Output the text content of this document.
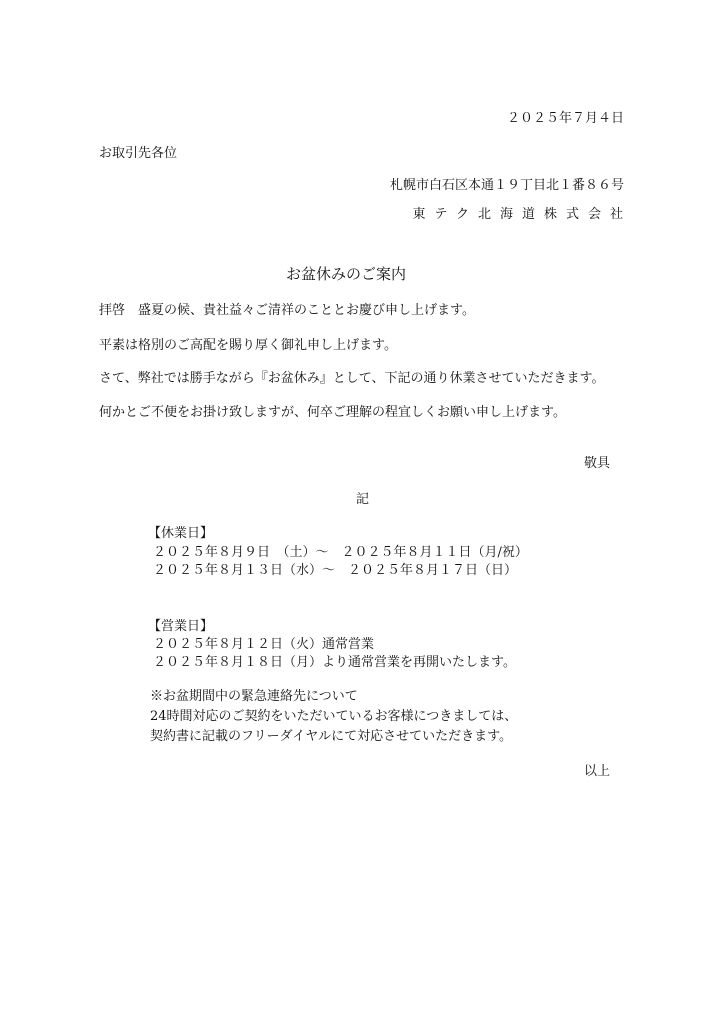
２０２５年７月４日
お取引先各位
札幌市白石区本通１９丁目北１番８６号
東テク北海道株式会社
お盆休みのご案内
拝啓　盛夏の候、貴社益々ご清祥のこととお慶び申し上げます。
平素は格別のご高配を賜り厚く御礼申し上げます。
さて、弊社では勝手ながら『お盆休み』として、下記の通り休業させていただきます。
何かとご不便をお掛け致しますが、何卒ご理解の程宜しくお願い申し上げます。
敬具
記
【休業日】
２０２５年８月９日　（土）～　２０２５年８月１１日（月/祝）
２０２５年８月１３日（水）～　２０２５年８月１７日（日）
【営業日】
２０２５年８月１２日（火）通常営業
２０２５年８月１８日（月）より通常営業を再開いたします。
※お盆期間中の緊急連絡先について
24時間対応のご契約をいただいているお客様につきましては、
契約書に記載のフリーダイヤルにて対応させていただきます。
以上
